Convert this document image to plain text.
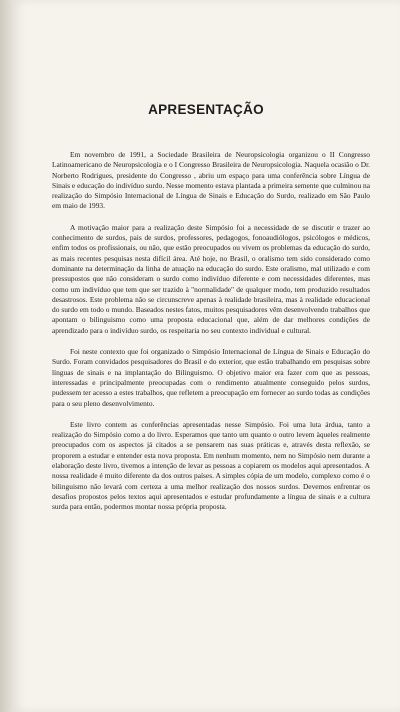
APRESENTAÇÃO

Em novembro de 1991, a Sociedade Brasileira de Neuropsicologia organizou o II Congresso Latinoamericano de Neuropsicologia e o I Congresso Brasileira de Neuropsicologia. Naquela ocasião o Dr. Norberto Rodrigues, presidente do Congresso , abriu um espaço para uma conferência sobre Língua de Sinais e educação do indivíduo surdo. Nesse momento estava plantada a primeira semente que culminou na realização do Simpósio Internacional de Língua de Sinais e Educação do Surdo, realizado em São Paulo em maio de 1993.

A motivação maior para a realização deste Simpósio foi a necessidade de se discutir e trazer ao conhecimento de surdos, pais de surdos, professores, pedagogos, fonoaudiólogos, psicólogos e médicos, enfim todos os profissionais, ou não, que estão preocupados ou vivem os problemas da educação do surdo, as mais recentes pesquisas nesta difícil área. Até hoje, no Brasil, o oralismo tem sido considerado como dominante na determinação da linha de atuação na educação do surdo. Este oralismo, mal utilizado e com pressupostos que não consideram o surdo como indivíduo diferente e com necessidades diferentes, mas como um indivíduo que tem que ser trazido à "normalidade" de qualquer modo, tem produzido resultados desastrosos. Este problema não se circunscreve apenas à realidade brasileira, mas à realidade educacional do surdo em todo o mundo. Baseados nestes fatos, muitos pesquisadores vêm desenvolvendo trabalhos que apontam o bilinguismo como uma proposta educacional que, além de dar melhores condições de aprendizado para o indivíduo surdo, os respeitaria no seu contexto individual e cultural.

Foi neste contexto que foi organizado o Simpósio Internacional de Língua de Sinais e Educação do Surdo. Foram convidados pesquisadores do Brasil e do exterior, que estão trabalhando em pesquisas sobre línguas de sinais e na implantação do Bilinguismo. O objetivo maior era fazer com que as pessoas, interessadas e principalmente preocupadas com o rendimento atualmente conseguido pelos surdos, pudessem ter acesso a estes trabalhos, que refletem a preocupação em fornecer ao surdo todas as condições para o seu pleno desenvolvimento.

Este livro contem as conferências apresentadas nesse Simpósio. Foi uma luta árdua, tanto a realização do Simpósio como a do livro. Esperamos que tanto um quanto o outro levem àqueles realmente preocupados com os aspectos já citados a se pensarem nas suas práticas e, através desta reflexão, se proporem a estudar e entender esta nova proposta. Em nenhum momento, nem no Simpósio nem durante a elaboração deste livro, tivemos a intenção de levar as pessoas a copiarem os modelos aqui apresentados. A nossa realidade é muito diferente da dos outros países. A simples cópia de um modelo, complexo como é o bilinguismo não levará com certeza a uma melhor realização dos nossos surdos. Devemos enfrentar os desafios propostos pelos textos aqui apresentados e estudar profundamente a língua de sinais e a cultura surda para então, podermos montar nossa própria proposta.
